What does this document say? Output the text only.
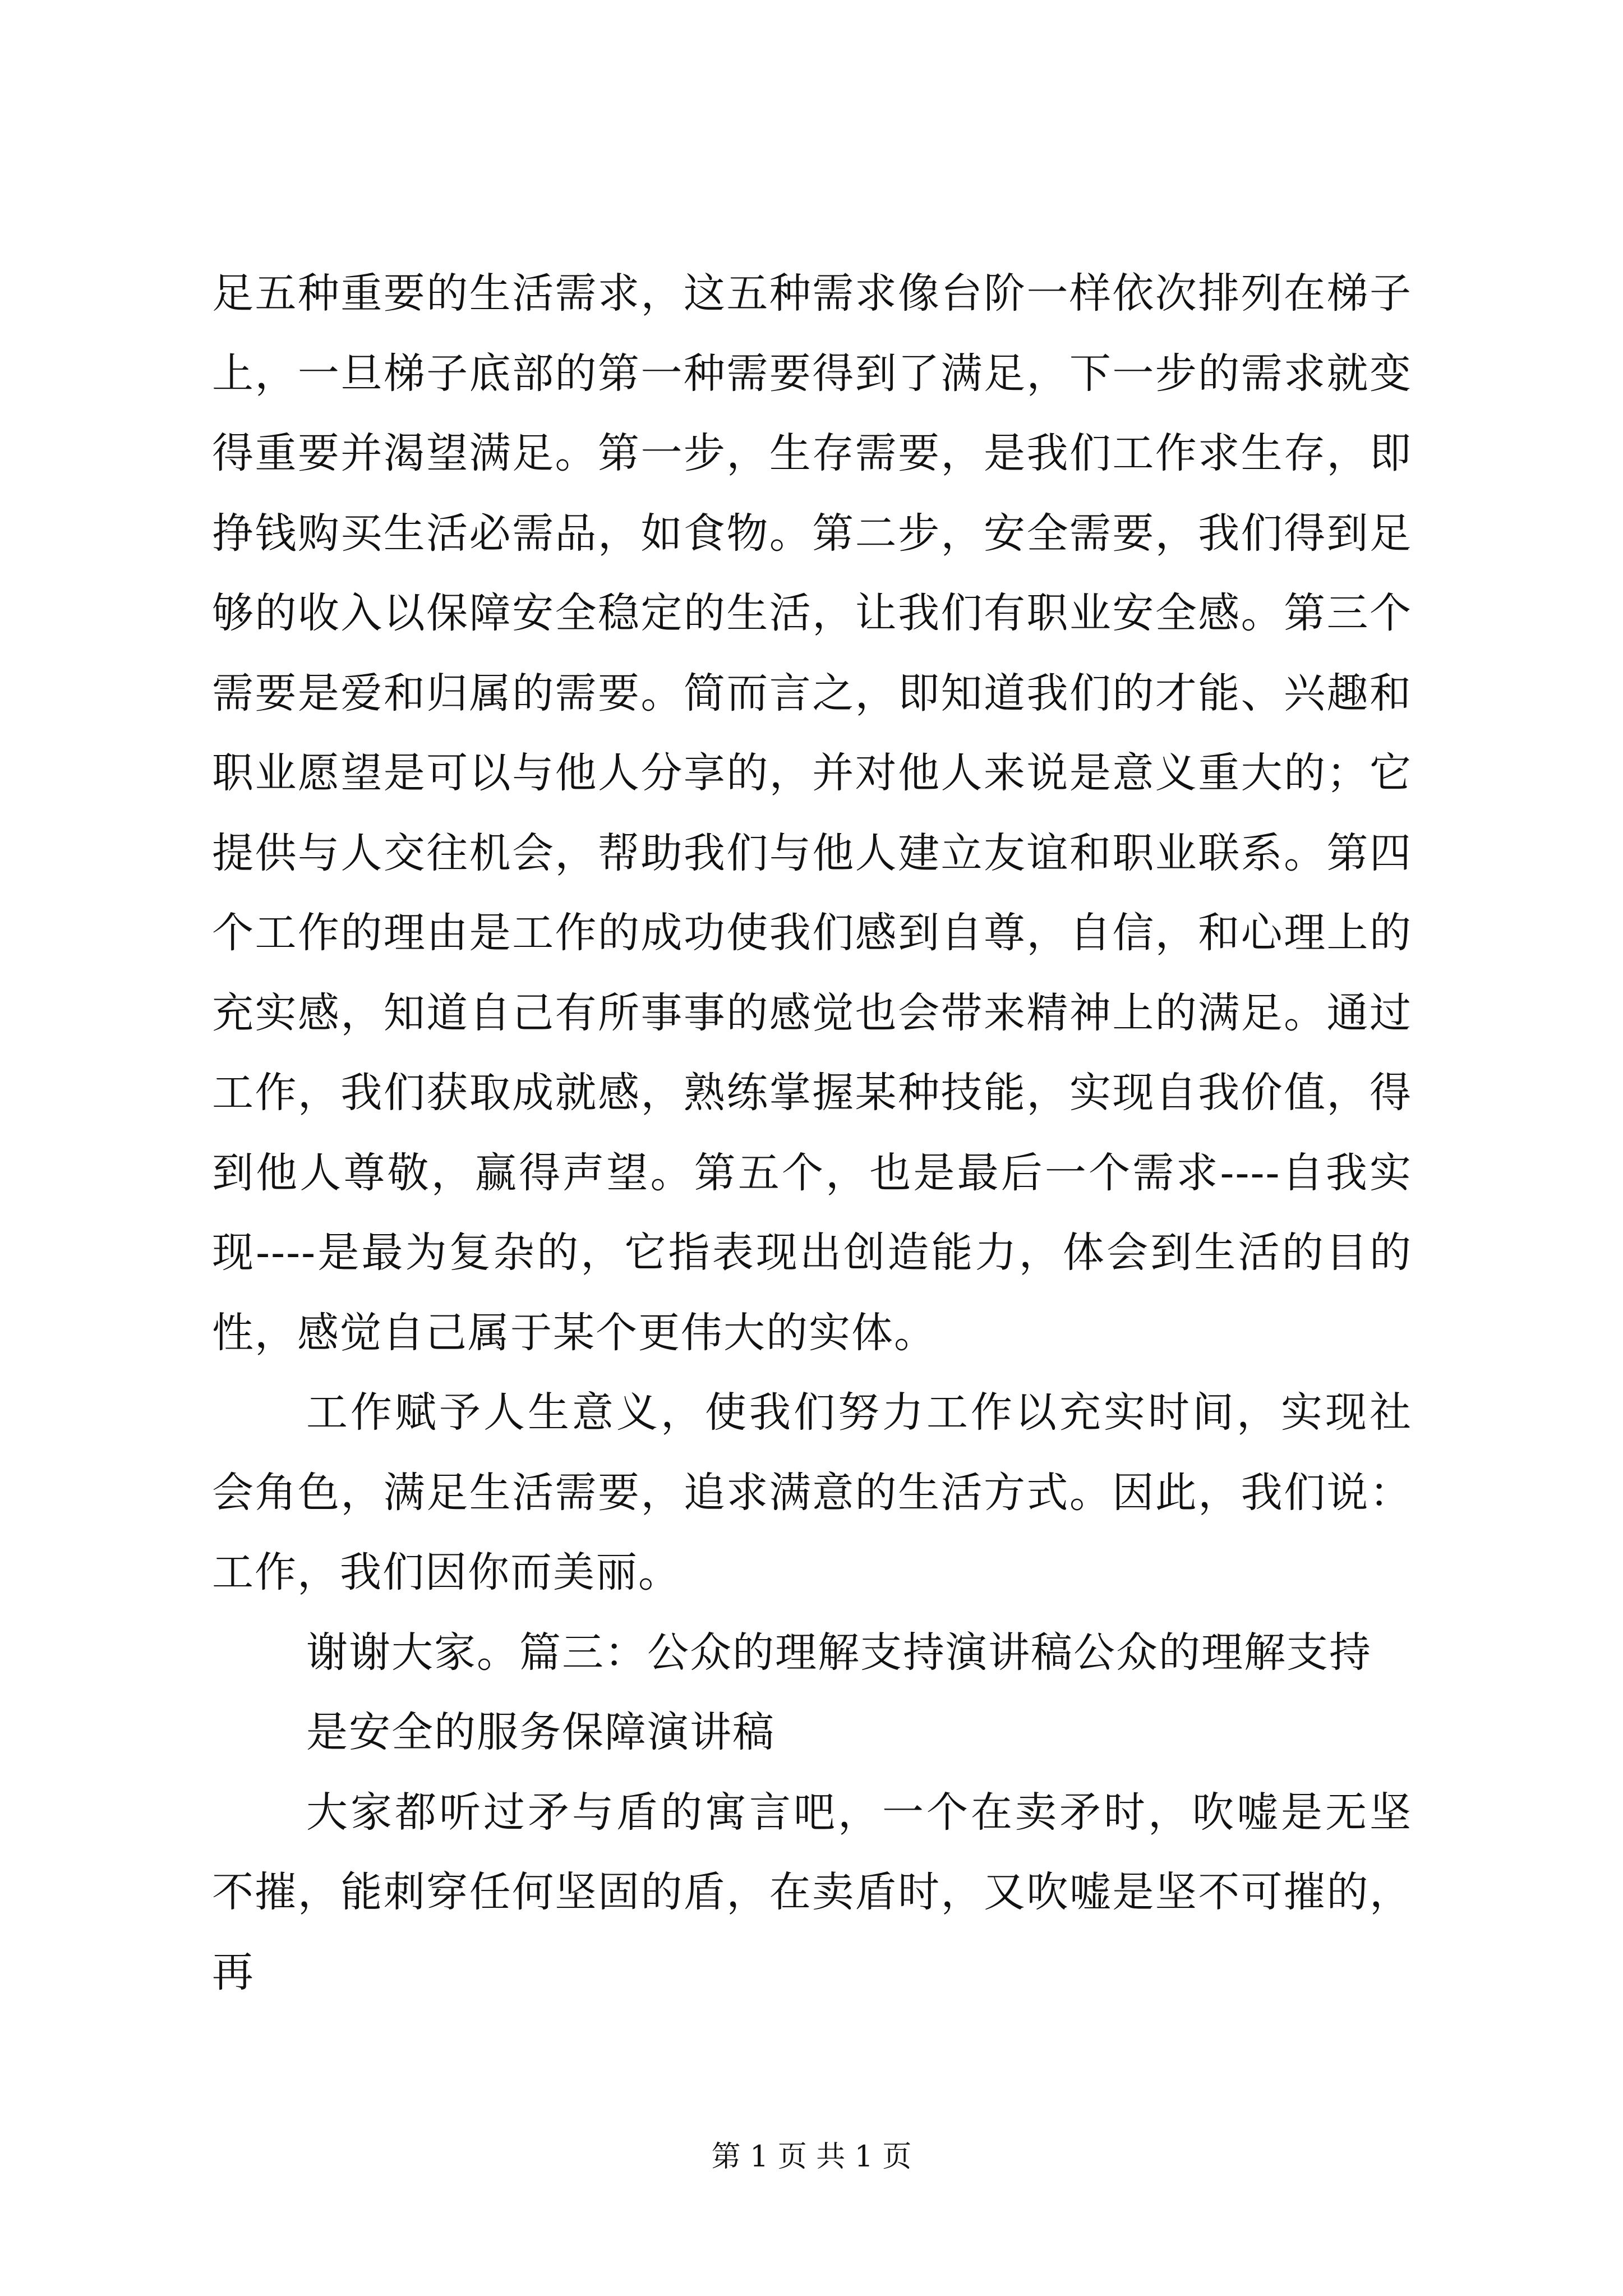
足五种重要的生活需求，这五种需求像台阶一样依次排列在梯子上，一旦梯子底部的第一种需要得到了满足，下一步的需求就变得重要并渴望满足。第一步，生存需要，是我们工作求生存，即挣钱购买生活必需品，如食物。第二步，安全需要，我们得到足够的收入以保障安全稳定的生活，让我们有职业安全感。第三个需要是爱和归属的需要。简而言之，即知道我们的才能、兴趣和职业愿望是可以与他人分享的，并对他人来说是意义重大的；它提供与人交往机会，帮助我们与他人建立友谊和职业联系。第四个工作的理由是工作的成功使我们感到自尊，自信，和心理上的充实感，知道自己有所事事的感觉也会带来精神上的满足。通过工作，我们获取成就感，熟练掌握某种技能，实现自我价值，得到他人尊敬，赢得声望。第五个，也是最后一个需求----自我实现----是最为复杂的，它指表现出创造能力，体会到生活的目的性，感觉自己属于某个更伟大的实体。

工作赋予人生意义，使我们努力工作以充实时间，实现社会角色，满足生活需要，追求满意的生活方式。因此，我们说：工作，我们因你而美丽。

谢谢大家。篇三：公众的理解支持演讲稿公众的理解支持

是安全的服务保障演讲稿

大家都听过矛与盾的寓言吧，一个在卖矛时，吹嘘是无坚不摧，能刺穿任何坚固的盾，在卖盾时，又吹嘘是坚不可摧的，再

第 1 页 共 1 页
